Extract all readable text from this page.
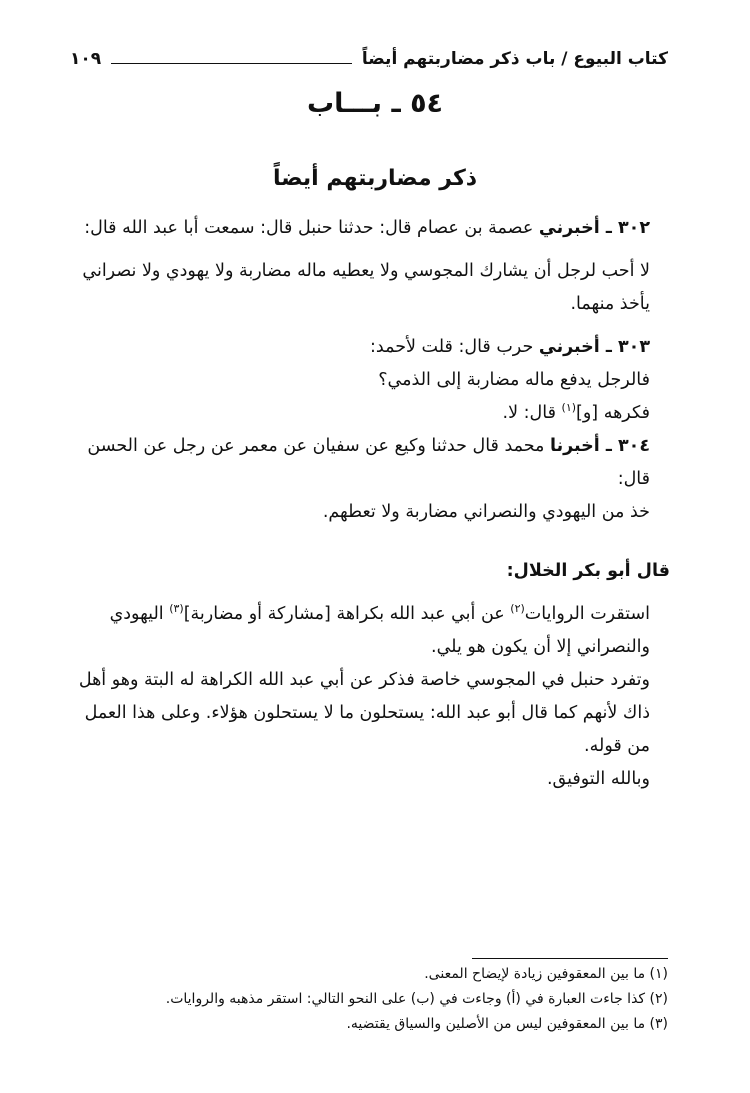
كتاب البيوع / باب ذكر مضاربتهم أيضاً
١٠٩
٥٤ ـ بـــاب
ذكر مضاربتهم أيضاً

٣٠٢ ـ أخبرني عصمة بن عصام قال: حدثنا حنبل قال: سمعت أبا عبد الله قال:

لا أحب لرجل أن يشارك المجوسي ولا يعطيه ماله مضاربة ولا يهودي ولا نصراني يأخذ منهما.

٣٠٣ ـ أخبرني حرب قال: قلت لأحمد:

فالرجل يدفع ماله مضاربة إلى الذمي؟

فكرهه [و]$^{(١)}$ قال: لا.

٣٠٤ ـ أخبرنا محمد قال حدثنا وكيع عن سفيان عن معمر عن رجل عن الحسن قال:

خذ من اليهودي والنصراني مضاربة ولا تعطهم.

قال أبو بكر الخلال:

استقرت الروايات$^{(٢)}$ عن أبي عبد الله بكراهة [مشاركة أو مضاربة]$^{(٣)}$ اليهودي والنصراني إلا أن يكون هو يلي.

وتفرد حنبل في المجوسي خاصة فذكر عن أبي عبد الله الكراهة له البتة وهو أهل ذاك لأنهم كما قال أبو عبد الله: يستحلون ما لا يستحلون هؤلاء. وعلى هذا العمل من قوله.

وبالله التوفيق.

(١) ما بين المعقوفين زيادة لإيضاح المعنى.
(٢) كذا جاءت العبارة في (أ) وجاءت في (ب) على النحو التالي: استقر مذهبه والروايات.
(٣) ما بين المعقوفين ليس من الأصلين والسياق يقتضيه.
